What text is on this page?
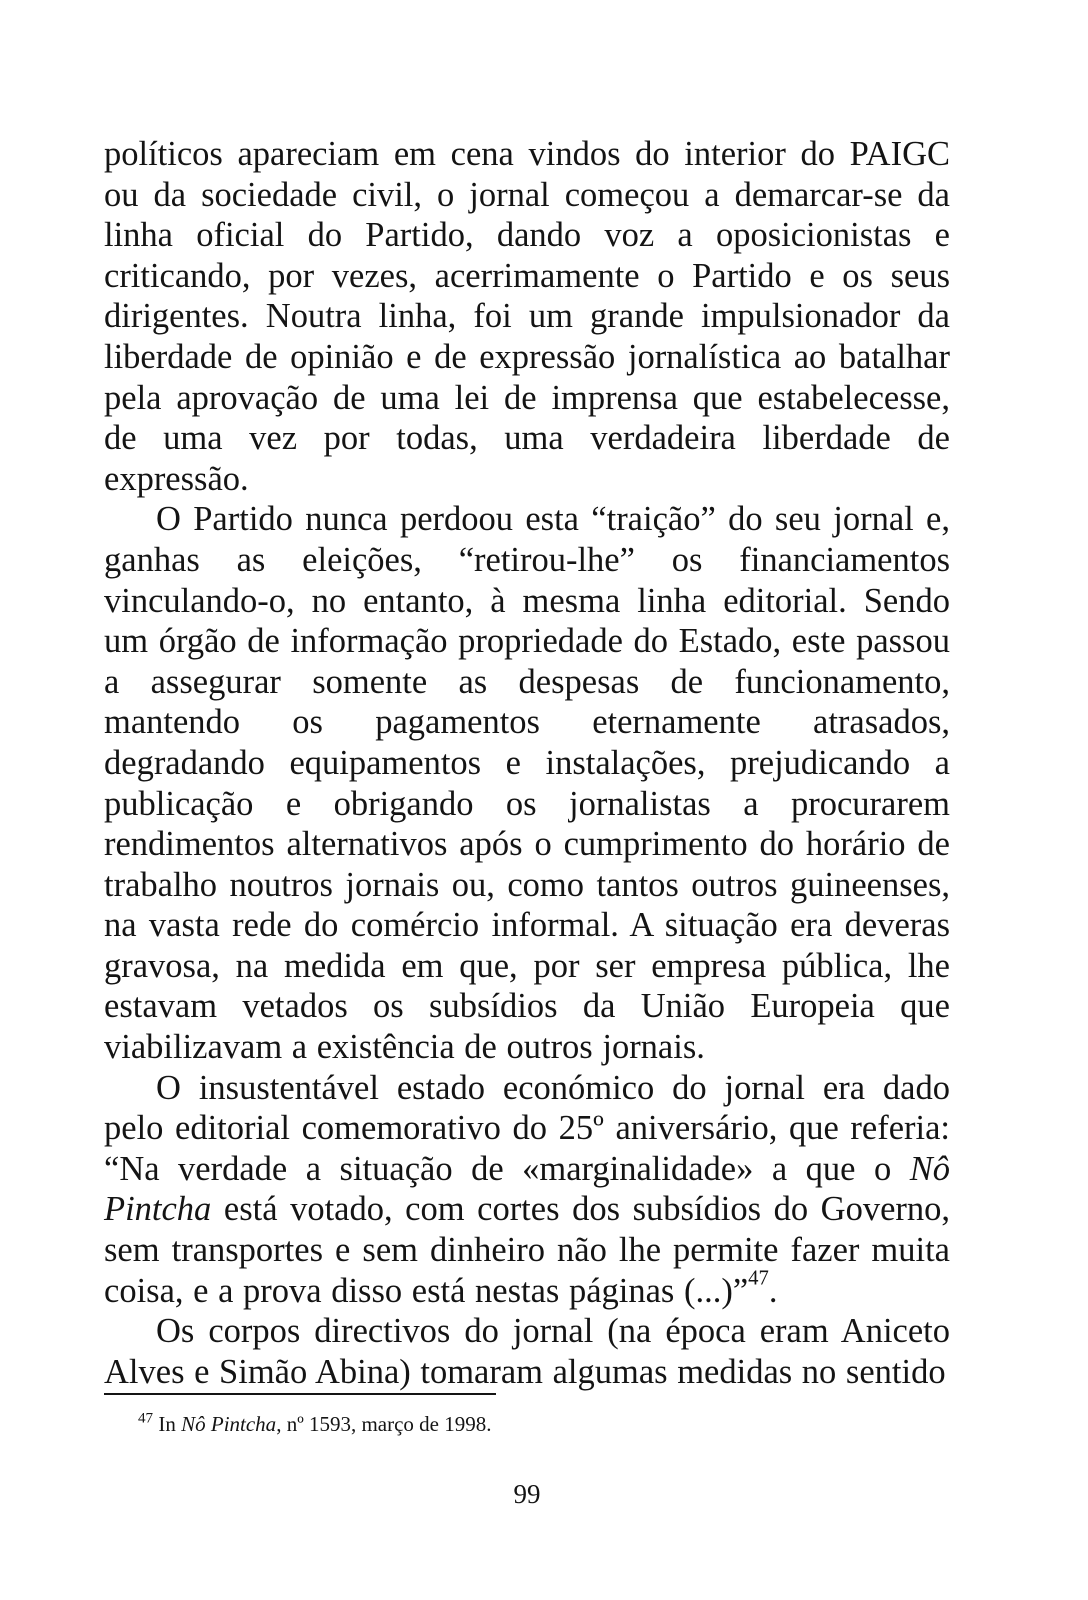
políticos apareciam em cena vindos do interior do PAIGC ou da sociedade civil, o jornal começou a demarcar-se da linha oficial do Partido, dando voz a oposicionistas e criticando, por vezes, acerrimamente o Partido e os seus dirigentes. Noutra linha, foi um grande impulsionador da liberdade de opinião e de expressão jornalística ao batalhar pela aprovação de uma lei de imprensa que estabelecesse, de uma vez por todas, uma verdadeira liberdade de expressão.

O Partido nunca perdoou esta “traição” do seu jornal e, ganhas as eleições, “retirou-lhe” os financiamentos vinculando-o, no entanto, à mesma linha editorial. Sendo um órgão de informação propriedade do Estado, este passou a assegurar somente as despesas de funcionamento, mantendo os pagamentos eternamente atrasados, degradando equipamentos e instalações, prejudicando a publicação e obrigando os jornalistas a procurarem rendimentos alternativos após o cumprimento do horário de trabalho noutros jornais ou, como tantos outros guineenses, na vasta rede do comércio informal. A situação era deveras gravosa, na medida em que, por ser empresa pública, lhe estavam vetados os subsídios da União Europeia que viabilizavam a existência de outros jornais.

O insustentável estado económico do jornal era dado pelo editorial comemorativo do 25º aniversário, que referia: “Na verdade a situação de «marginalidade» a que o Nô Pintcha está votado, com cortes dos subsídios do Governo, sem transportes e sem dinheiro não lhe permite fazer muita coisa, e a prova disso está nestas páginas (...)”$^{47}$.

Os corpos directivos do jornal (na época eram Aniceto Alves e Simão Abina) tomaram algumas medidas no sentido

$^{47}$ In Nô Pintcha, nº 1593, março de 1998.
99
